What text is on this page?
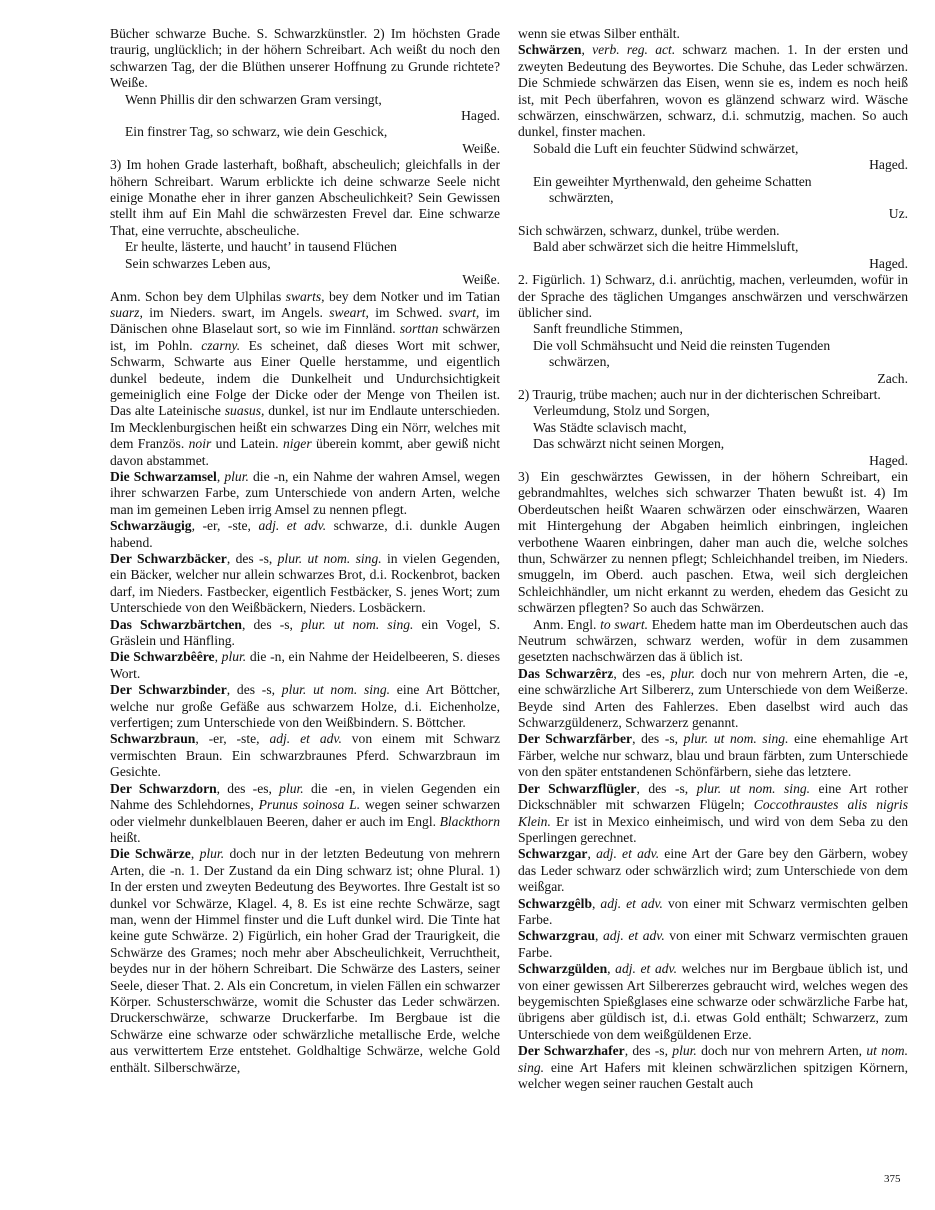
Bücher schwarze Buche. S. Schwarzkünstler. 2) Im höchsten Grade traurig, unglücklich; in der höhern Schreibart. Ach weißt du noch den schwarzen Tag, der die Blüthen unserer Hoffnung zu Grunde richtete? Weiße.
Wenn Phillis dir den schwarzen Gram versingt,
Haged.
Ein finstrer Tag, so schwarz, wie dein Geschick,
Weiße.
3) Im hohen Grade lasterhaft, boßhaft, abscheulich; gleichfalls in der höhern Schreibart. Warum erblickte ich deine schwarze Seele nicht einige Monathe eher in ihrer ganzen Abscheulichkeit? Sein Gewissen stellt ihm auf Ein Mahl die schwärzesten Frevel dar. Eine schwarze That, eine verruchte, abscheuliche.
Er heulte, lästerte, und haucht’ in tausend Flüchen
Sein schwarzes Leben aus,
Weiße.
Anm. Schon bey dem Ulphilas swarts, bey dem Notker und im Tatian suarz, im Nieders. swart, im Angels. sweart, im Schwed. svart, im Dänischen ohne Blaselaut sort, so wie im Finnländ. sorttan schwärzen ist, im Pohln. czarny. Es scheinet, daß dieses Wort mit schwer, Schwarm, Schwarte aus Einer Quelle herstamme, und eigentlich dunkel bedeute, indem die Dunkelheit und Undurchsichtigkeit gemeiniglich eine Folge der Dicke oder der Menge von Theilen ist. Das alte Lateinische suasus, dunkel, ist nur im Endlaute unterschieden. Im Mecklenburgischen heißt ein schwarzes Ding ein Nörr, welches mit dem Französ. noir und Latein. niger überein kommt, aber gewiß nicht davon abstammet.
Die Schwarzamsel, plur. die -n, ein Nahme der wahren Amsel, wegen ihrer schwarzen Farbe, zum Unterschiede von andern Arten, welche man im gemeinen Leben irrig Amsel zu nennen pflegt.
Schwarzäugig, -er, -ste, adj. et adv. schwarze, d.i. dunkle Augen habend.
Der Schwarzbäcker, des -s, plur. ut nom. sing. in vielen Gegenden, ein Bäcker, welcher nur allein schwarzes Brot, d.i. Rockenbrot, backen darf, im Nieders. Fastbecker, eigentlich Festbäcker, S. jenes Wort; zum Unterschiede von den Weißbäckern, Nieders. Losbäckern.
Das Schwarzbärtchen, des -s, plur. ut nom. sing. ein Vogel, S. Gräslein und Hänfling.
Die Schwarzbêêre, plur. die -n, ein Nahme der Heidelbeeren, S. dieses Wort.
Der Schwarzbinder, des -s, plur. ut nom. sing. eine Art Böttcher, welche nur große Gefäße aus schwarzem Holze, d.i. Eichenholze, verfertigen; zum Unterschiede von den Weißbindern. S. Böttcher.
Schwarzbraun, -er, -ste, adj. et adv. von einem mit Schwarz vermischten Braun. Ein schwarzbraunes Pferd. Schwarzbraun im Gesichte.
Der Schwarzdorn, des -es, plur. die -en, in vielen Gegenden ein Nahme des Schlehdornes, Prunus soinosa L. wegen seiner schwarzen oder vielmehr dunkelblauen Beeren, daher er auch im Engl. Blackthorn heißt.
Die Schwärze, plur. doch nur in der letzten Bedeutung von mehrern Arten, die -n. 1. Der Zustand da ein Ding schwarz ist; ohne Plural. 1) In der ersten und zweyten Bedeutung des Beywortes. Ihre Gestalt ist so dunkel vor Schwärze, Klagel. 4, 8. Es ist eine rechte Schwärze, sagt man, wenn der Himmel finster und die Luft dunkel wird. Die Tinte hat keine gute Schwärze. 2) Figürlich, ein hoher Grad der Traurigkeit, die Schwärze des Grames; noch mehr aber Abscheulichkeit, Verruchtheit, beydes nur in der höhern Schreibart. Die Schwärze des Lasters, seiner Seele, dieser That. 2. Als ein Concretum, in vielen Fällen ein schwarzer Körper. Schusterschwärze, womit die Schuster das Leder schwärzen. Druckerschwärze, schwarze Druckerfarbe. Im Bergbaue ist die Schwärze eine schwarze oder schwärzliche metallische Erde, welche aus verwittertem Erze entstehet. Goldhaltige Schwärze, welche Gold enthält. Silberschwärze,
wenn sie etwas Silber enthält.
Schwärzen, verb. reg. act. schwarz machen. 1. In der ersten und zweyten Bedeutung des Beywortes. Die Schuhe, das Leder schwärzen. Die Schmiede schwärzen das Eisen, wenn sie es, indem es noch heiß ist, mit Pech überfahren, wovon es glänzend schwarz wird. Wäsche schwärzen, einschwärzen, schwarz, d.i. schmutzig, machen. So auch dunkel, finster machen.
Sobald die Luft ein feuchter Südwind schwärzet,
Haged.
Ein geweihter Myrthenwald, den geheime Schatten
schwärzten,
Uz.
Sich schwärzen, schwarz, dunkel, trübe werden.
Bald aber schwärzet sich die heitre Himmelsluft,
Haged.
2. Figürlich. 1) Schwarz, d.i. anrüchtig, machen, verleumden, wofür in der Sprache des täglichen Umganges anschwärzen und verschwärzen üblicher sind.
Sanft freundliche Stimmen,
Die voll Schmähsucht und Neid die reinsten Tugenden
schwärzen,
Zach.
2) Traurig, trübe machen; auch nur in der dichterischen Schreibart.
Verleumdung, Stolz und Sorgen,
Was Städte sclavisch macht,
Das schwärzt nicht seinen Morgen,
Haged.
3) Ein geschwärztes Gewissen, in der höhern Schreibart, ein gebrandmahltes, welches sich schwarzer Thaten bewußt ist. 4) Im Oberdeutschen heißt Waaren schwärzen oder einschwärzen, Waaren mit Hintergehung der Abgaben heimlich einbringen, ingleichen verbothene Waaren einbringen, daher man auch die, welche solches thun, Schwärzer zu nennen pflegt; Schleichhandel treiben, im Nieders. smuggeln, im Oberd. auch paschen. Etwa, weil sich dergleichen Schleichhändler, um nicht erkannt zu werden, ehedem das Gesicht zu schwärzen pflegten? So auch das Schwärzen.
Anm. Engl. to swart. Ehedem hatte man im Oberdeutschen auch das Neutrum schwärzen, schwarz werden, wofür in dem zusammen gesetzten nachschwärzen das ä üblich ist.
Das Schwarzêrz, des -es, plur. doch nur von mehrern Arten, die -e, eine schwärzliche Art Silbererz, zum Unterschiede von dem Weißerze. Beyde sind Arten des Fahlerzes. Eben daselbst wird auch das Schwarzgüldenerz, Schwarzerz genannt.
Der Schwarzfärber, des -s, plur. ut nom. sing. eine ehemahlige Art Färber, welche nur schwarz, blau und braun färbten, zum Unterschiede von den später entstandenen Schönfärbern, siehe das letztere.
Der Schwarzflügler, des -s, plur. ut nom. sing. eine Art rother Dickschnäbler mit schwarzen Flügeln; Coccothraustes alis nigris Klein. Er ist in Mexico einheimisch, und wird von dem Seba zu den Sperlingen gerechnet.
Schwarzgar, adj. et adv. eine Art der Gare bey den Gärbern, wobey das Leder schwarz oder schwärzlich wird; zum Unterschiede von dem weißgar.
Schwarzgêlb, adj. et adv. von einer mit Schwarz vermischten gelben Farbe.
Schwarzgrau, adj. et adv. von einer mit Schwarz vermischten grauen Farbe.
Schwarzgülden, adj. et adv. welches nur im Bergbaue üblich ist, und von einer gewissen Art Silbererzes gebraucht wird, welches wegen des beygemischten Spießglases eine schwarze oder schwärzliche Farbe hat, übrigens aber güldisch ist, d.i. etwas Gold enthält; Schwarzerz, zum Unterschiede von dem weißgüldenen Erze.
Der Schwarzhafer, des -s, plur. doch nur von mehrern Arten, ut nom. sing. eine Art Hafers mit kleinen schwärzlichen spitzigen Körnern, welcher wegen seiner rauchen Gestalt auch
375
